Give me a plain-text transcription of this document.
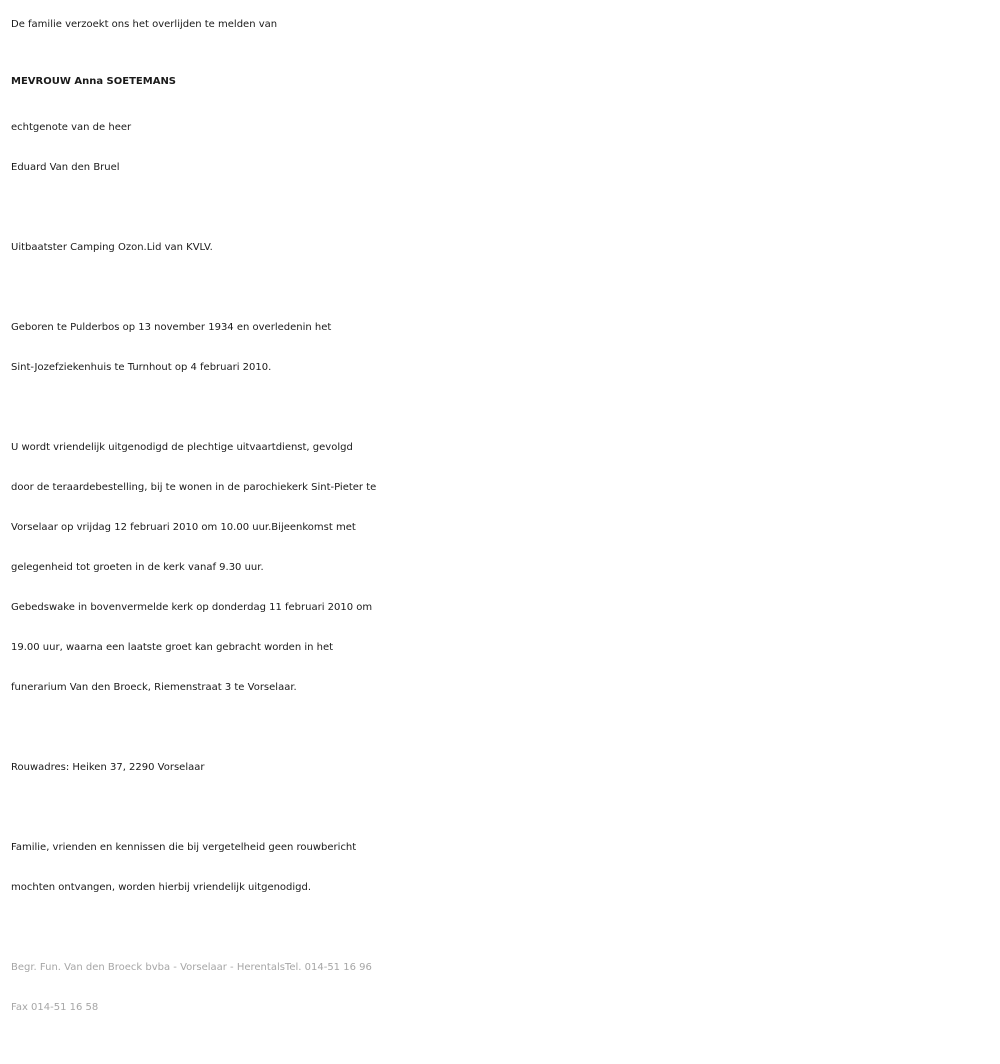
De familie verzoekt ons het overlijden te melden van

MEVROUW Anna SOETEMANS

echtgenote van de heer

Eduard Van den Bruel

Uitbaatster Camping Ozon.Lid van KVLV.

Geboren te Pulderbos op 13 november 1934 en overledenin het

Sint-Jozefziekenhuis te Turnhout op 4 februari 2010.

U wordt vriendelijk uitgenodigd de plechtige uitvaartdienst, gevolgd

door de teraardebestelling, bij te wonen in de parochiekerk Sint-Pieter te

Vorselaar op vrijdag 12 februari 2010 om 10.00 uur.Bijeenkomst met

gelegenheid tot groeten in de kerk vanaf 9.30 uur.

Gebedswake in bovenvermelde kerk op donderdag 11 februari 2010 om

19.00 uur, waarna een laatste groet kan gebracht worden in het

funerarium Van den Broeck, Riemenstraat 3 te Vorselaar.

Rouwadres: Heiken 37, 2290 Vorselaar

Familie, vrienden en kennissen die bij vergetelheid geen rouwbericht

mochten ontvangen, worden hierbij vriendelijk uitgenodigd.

Begr. Fun. Van den Broeck bvba - Vorselaar - HerentalsTel. 014-51 16 96

Fax 014-51 16 58
